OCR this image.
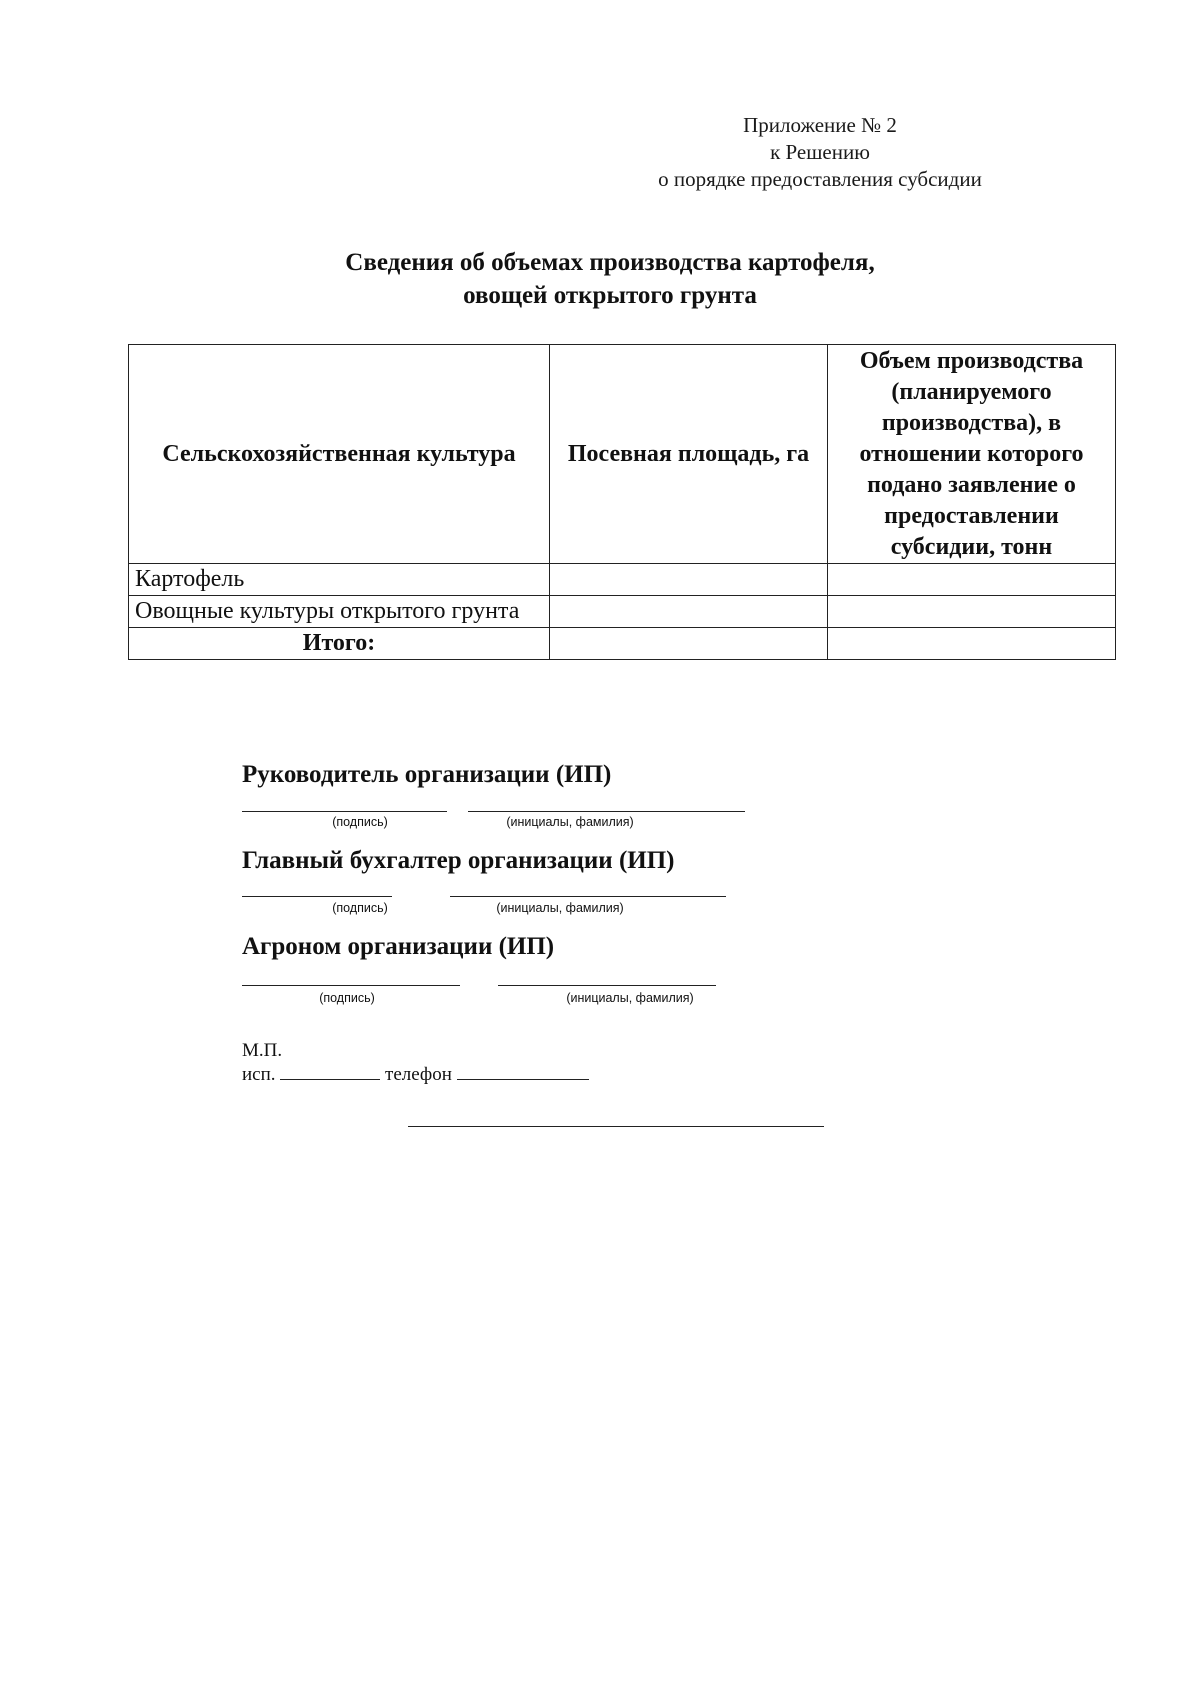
Приложение № 2
к Решению
о порядке предоставления субсидии
Сведения об объемах производства картофеля,
овощей открытого грунта
Сельскохозяйственная культура	Посевная площадь, га	Объем производства (планируемого производства), в отношении которого подано заявление о предоставлении субсидии, тонн
Картофель		
Овощные культуры открытого грунта		
Итого:		
Руководитель организации (ИП)
(подпись)	(инициалы, фамилия)
Главный бухгалтер организации (ИП)
(подпись)	(инициалы, фамилия)
Агроном организации (ИП)
(подпись)	(инициалы, фамилия)
М.П.
исп.	телефон
